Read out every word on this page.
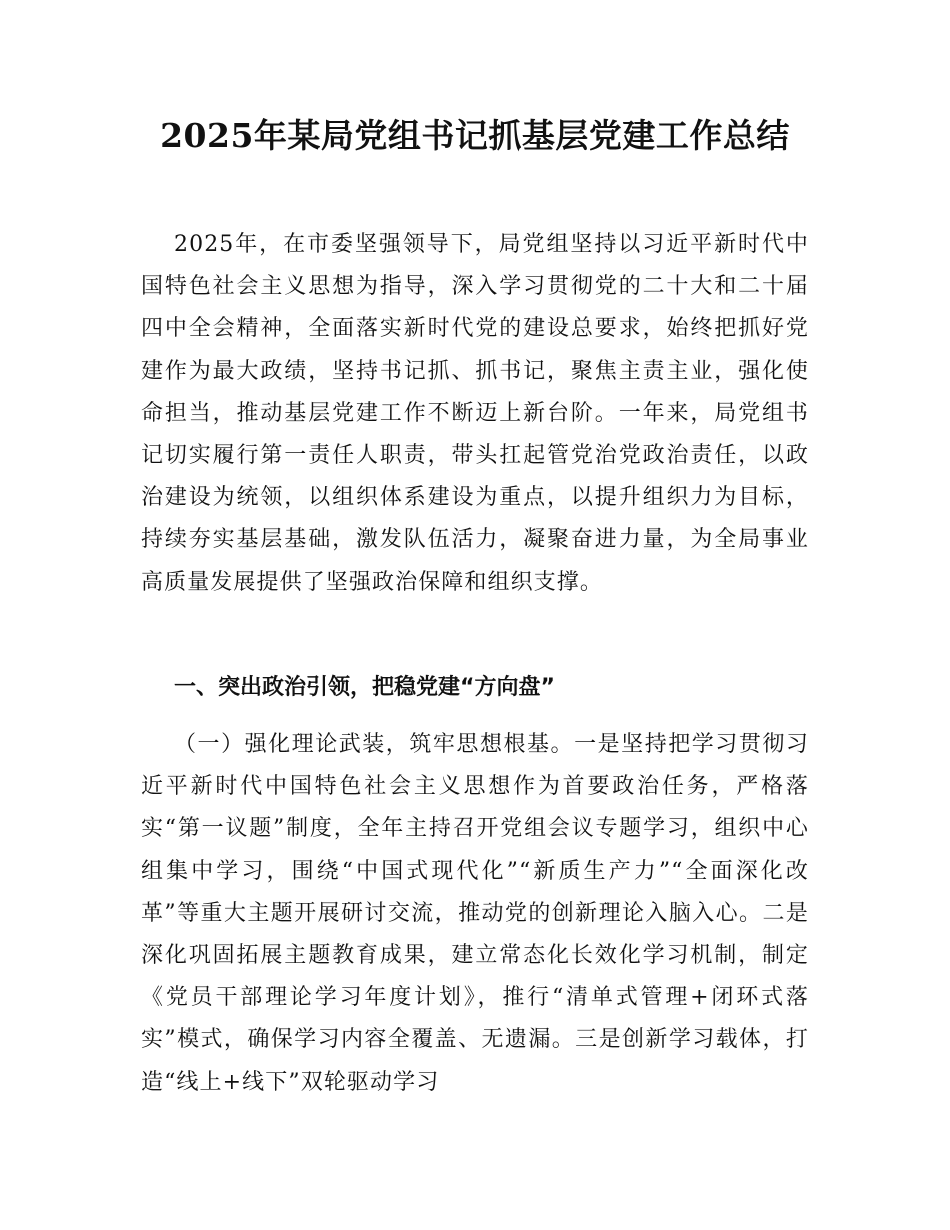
2025年某局党组书记抓基层党建工作总结

2025年，在市委坚强领导下，局党组坚持以习近平新时代中国特色社会主义思想为指导，深入学习贯彻党的二十大和二十届四中全会精神，全面落实新时代党的建设总要求，始终把抓好党建作为最大政绩，坚持书记抓、抓书记，聚焦主责主业，强化使命担当，推动基层党建工作不断迈上新台阶。一年来，局党组书记切实履行第一责任人职责，带头扛起管党治党政治责任，以政治建设为统领，以组织体系建设为重点，以提升组织力为目标，持续夯实基层基础，激发队伍活力，凝聚奋进力量，为全局事业高质量发展提供了坚强政治保障和组织支撑。

一、突出政治引领，把稳党建“方向盘”

（一）强化理论武装，筑牢思想根基。一是坚持把学习贯彻习近平新时代中国特色社会主义思想作为首要政治任务，严格落实“第一议题”制度，全年主持召开党组会议专题学习，组织中心组集中学习，围绕“中国式现代化”“新质生产力”“全面深化改革”等重大主题开展研讨交流，推动党的创新理论入脑入心。二是深化巩固拓展主题教育成果，建立常态化长效化学习机制，制定《党员干部理论学习年度计划》，推行“清单式管理+闭环式落实”模式，确保学习内容全覆盖、无遗漏。三是创新学习载体，打造“线上+线下”双轮驱动学习
